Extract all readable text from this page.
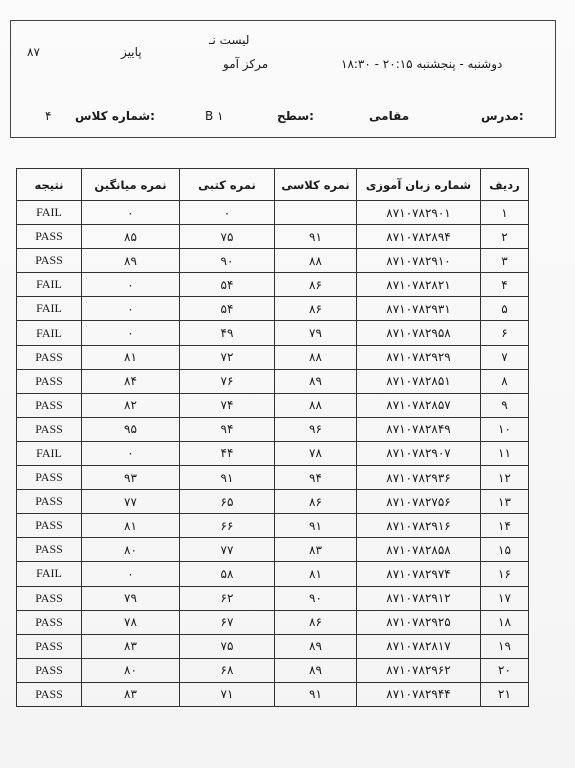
لیست نـ
۸۷	پاییز
مرکز آمو	دوشنبه - پنجشنبه ۲۰:۱۵ - ۱۸:۳۰
مدرس:
مقامی
سطح:
B ۱
شماره کلاس:
۴
ردیف	شماره زبان آموزی	نمره کلاسی	نمره کتبی	نمره میانگین	نتیجه
۱	۸۷۱۰۷۸۲۹۰۱		۰	۰	FAIL
۲	۸۷۱۰۷۸۲۸۹۴	۹۱	۷۵	۸۵	PASS
۳	۸۷۱۰۷۸۲۹۱۰	۸۸	۹۰	۸۹	PASS
۴	۸۷۱۰۷۸۲۸۲۱	۸۶	۵۴	۰	FAIL
۵	۸۷۱۰۷۸۲۹۳۱	۸۶	۵۴	۰	FAIL
۶	۸۷۱۰۷۸۲۹۵۸	۷۹	۴۹	۰	FAIL
۷	۸۷۱۰۷۸۲۹۲۹	۸۸	۷۲	۸۱	PASS
۸	۸۷۱۰۷۸۲۸۵۱	۸۹	۷۶	۸۴	PASS
۹	۸۷۱۰۷۸۲۸۵۷	۸۸	۷۴	۸۲	PASS
۱۰	۸۷۱۰۷۸۲۸۴۹	۹۶	۹۴	۹۵	PASS
۱۱	۸۷۱۰۷۸۲۹۰۷	۷۸	۴۴	۰	FAIL
۱۲	۸۷۱۰۷۸۲۹۳۶	۹۴	۹۱	۹۳	PASS
۱۳	۸۷۱۰۷۸۲۷۵۶	۸۶	۶۵	۷۷	PASS
۱۴	۸۷۱۰۷۸۲۹۱۶	۹۱	۶۶	۸۱	PASS
۱۵	۸۷۱۰۷۸۲۸۵۸	۸۳	۷۷	۸۰	PASS
۱۶	۸۷۱۰۷۸۲۹۷۴	۸۱	۵۸	۰	FAIL
۱۷	۸۷۱۰۷۸۲۹۱۲	۹۰	۶۲	۷۹	PASS
۱۸	۸۷۱۰۷۸۲۹۲۵	۸۶	۶۷	۷۸	PASS
۱۹	۸۷۱۰۷۸۲۸۱۷	۸۹	۷۵	۸۳	PASS
۲۰	۸۷۱۰۷۸۲۹۶۲	۸۹	۶۸	۸۰	PASS
۲۱	۸۷۱۰۷۸۲۹۴۴	۹۱	۷۱	۸۳	PASS
